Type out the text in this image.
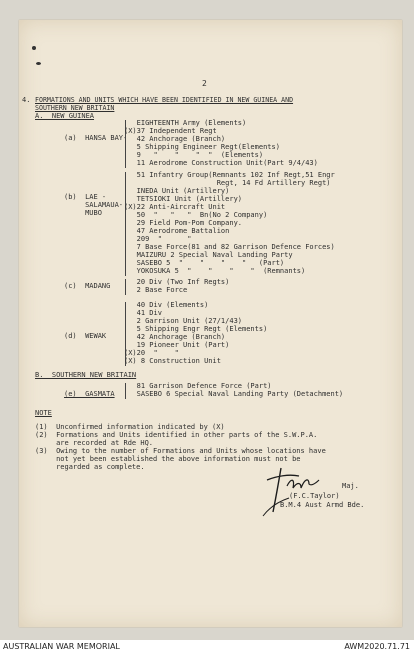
2
4. FORMATIONS AND UNITS WHICH HAVE BEEN IDENTIFIED IN NEW GUINEA AND
SOUTHERN NEW BRITAIN
A.  NEW GUINEA
(a)  HANSA BAY-
EIGHTEENTH Army (Elements)
(X)37 Independent Regt
42 Anchorage (Branch)
5 Shipping Engineer Regt(Elements)
9   "    "    "  "  (Elements)
11 Aerodrome Construction Unit(Part 9/4/43)
(b)  LAE -
SALAMAUA-
MUBO
51 Infantry Group(Remnants 102 Inf Regt,51 Engr
Regt, 14 Fd Artillery Regt)
INEDA Unit (Artillery)
TETSIOKI Unit (Artillery)
(X)22 Anti-Aircraft Unit
50  "   "   "  Bn(No 2 Company)
29 Field Pom-Pom Company.
47 Aerodrome Battalion
209  "      "
7 Base Force(81 and 82 Garrison Defence Forces)
MAIZURU 2 Special Naval Landing Party
SASEBO 5  "    "    "    "   (Part)
YOKOSUKA 5  "    "    "    "  (Remnants)
(c)  MADANG 20 Div (Two Inf Regts)
2 Base Force
(d)  WEWAK
40 Div (Elements)
41 Div
2 Garrison Unit (27/1/43)
5 Shipping Engr Regt (Elements)
42 Anchorage (Branch)
19 Pioneer Unit (Part)
(X)20  "    "
(X) 8 Construction Unit
B.  SOUTHERN NEW BRITAIN
(e)  GASMATA
81 Garrison Defence Force (Part)
SASEBO 6 Special Naval Landing Party (Detachment)
NOTE
(1)  Unconfirmed information indicated by (X)
(2)  Formations and Units identified in other parts of the S.W.P.A.
are recorded at Rde HQ.
(3)  Owing to the number of Formations and Units whose locations have
not yet been established the above information must not be
regarded as complete.
Maj.
(F.C.Taylor)
B.M.4 Aust Armd Bde.
AUSTRALIAN WAR MEMORIAL	AWM2020.71.71
